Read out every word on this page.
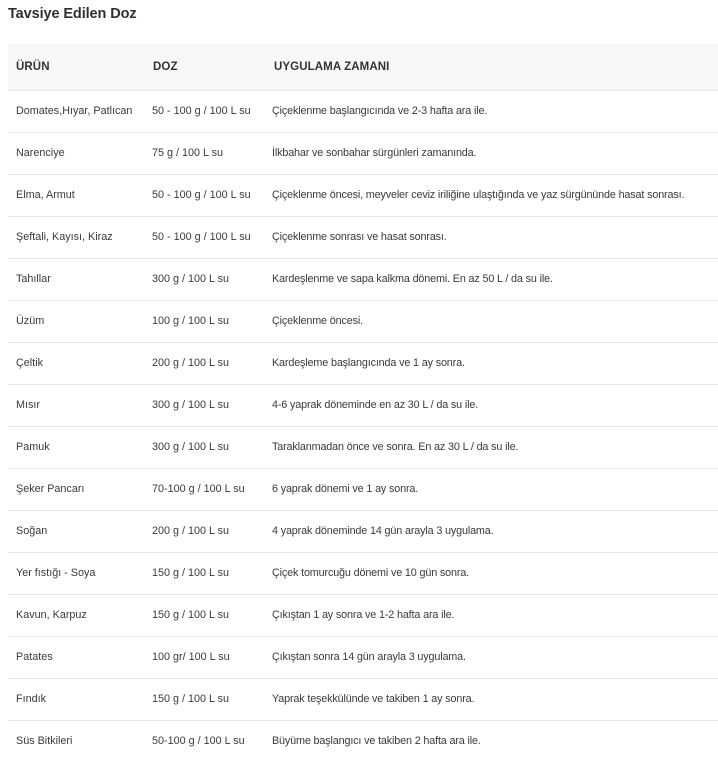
Tavsiye Edilen Doz
ÜRÜN	DOZ	UYGULAMA ZAMANI
Domates,Hıyar, Patlıcan	50 - 100 g / 100 L su	Çiçeklenme başlangıcında ve 2-3 hafta ara ile.
Narenciye	75 g / 100 L su	İlkbahar ve sonbahar sürgünleri zamanında.
Elma, Armut	50 - 100 g / 100 L su	Çiçeklenme öncesi, meyveler ceviz iriliğine ulaştığında ve yaz sürgününde hasat sonrası.
Şeftali, Kayısı, Kiraz	50 - 100 g / 100 L su	Çiçeklenme sonrası ve hasat sonrası.
Tahıllar	300 g / 100 L su	Kardeşlenme ve sapa kalkma dönemi. En az 50 L / da su ile.
Üzüm	100 g / 100 L su	Çiçeklenme öncesi.
Çeltik	200 g / 100 L su	Kardeşleme başlangıcında ve 1 ay sonra.
Mısır	300 g / 100 L su	4-6 yaprak döneminde en az 30 L / da su ile.
Pamuk	300 g / 100 L su	Taraklanmadan önce ve sonra. En az 30 L / da su ile.
Şeker Pancarı	70-100 g / 100 L su	6 yaprak dönemi ve 1 ay sonra.
Soğan	200 g / 100 L su	4 yaprak döneminde 14 gün arayla 3 uygulama.
Yer fıstığı - Soya	150 g / 100 L su	Çiçek tomurcuğu dönemi ve 10 gün sonra.
Kavun, Karpuz	150 g / 100 L su	Çıkıştan 1 ay sonra ve 1-2 hafta ara ile.
Patates	100 gr/ 100 L su	Çıkıştan sonra 14 gün arayla 3 uygulama.
Fındık	150 g / 100 L su	Yaprak teşekkülünde ve takiben 1 ay sonra.
Süs Bitkileri	50-100 g / 100 L su	Büyüme başlangıcı ve takiben 2 hafta ara ile.
